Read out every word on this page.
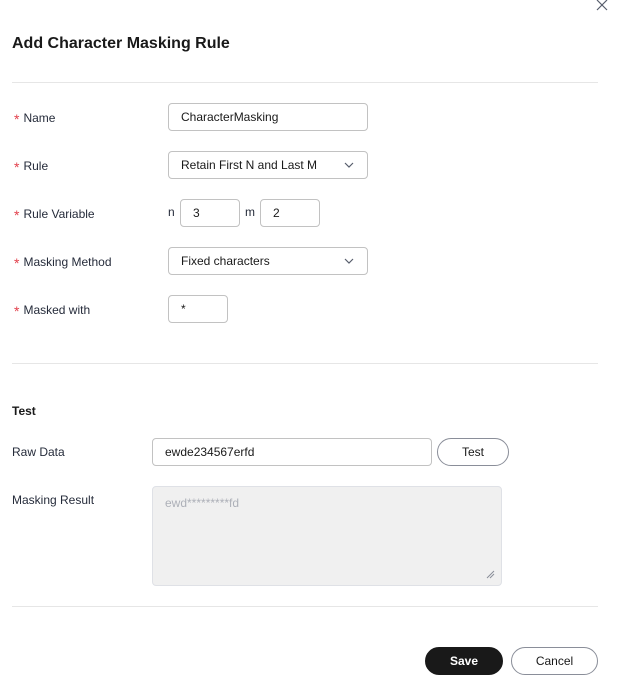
Add Character Masking Rule
* Name	CharacterMasking
* Rule	Retain First N and Last M
* Rule Variable	n 3	m 2
* Masking Method	Fixed characters
* Masked with	*
Test
Raw Data	ewde234567erfd	Test
Masking Result	ewd*********fd
Save	Cancel
